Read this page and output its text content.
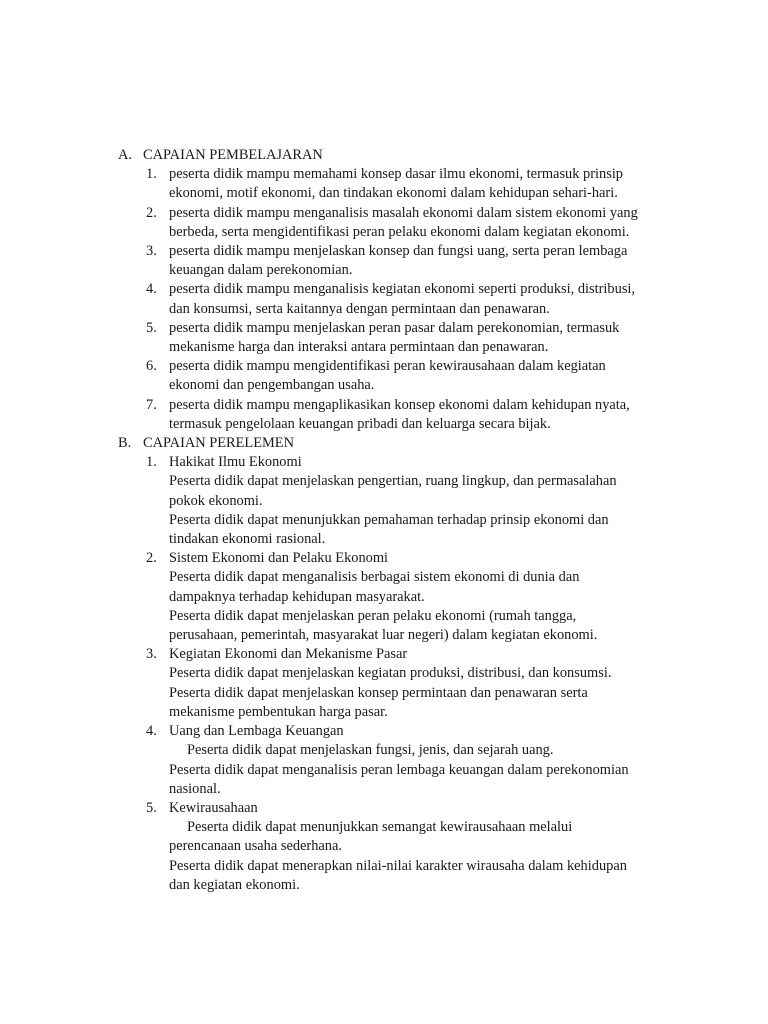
A. CAPAIAN PEMBELAJARAN
1. peserta didik mampu memahami konsep dasar ilmu ekonomi, termasuk prinsip
ekonomi, motif ekonomi, dan tindakan ekonomi dalam kehidupan sehari-hari.
2. peserta didik mampu menganalisis masalah ekonomi dalam sistem ekonomi yang
berbeda, serta mengidentifikasi peran pelaku ekonomi dalam kegiatan ekonomi.
3. peserta didik mampu menjelaskan konsep dan fungsi uang, serta peran lembaga
keuangan dalam perekonomian.
4. peserta didik mampu menganalisis kegiatan ekonomi seperti produksi, distribusi,
dan konsumsi, serta kaitannya dengan permintaan dan penawaran.
5. peserta didik mampu menjelaskan peran pasar dalam perekonomian, termasuk
mekanisme harga dan interaksi antara permintaan dan penawaran.
6. peserta didik mampu mengidentifikasi peran kewirausahaan dalam kegiatan
ekonomi dan pengembangan usaha.
7. peserta didik mampu mengaplikasikan konsep ekonomi dalam kehidupan nyata,
termasuk pengelolaan keuangan pribadi dan keluarga secara bijak.
B. CAPAIAN PERELEMEN
1. Hakikat Ilmu Ekonomi
Peserta didik dapat menjelaskan pengertian, ruang lingkup, dan permasalahan
pokok ekonomi.
Peserta didik dapat menunjukkan pemahaman terhadap prinsip ekonomi dan
tindakan ekonomi rasional.
2. Sistem Ekonomi dan Pelaku Ekonomi
Peserta didik dapat menganalisis berbagai sistem ekonomi di dunia dan
dampaknya terhadap kehidupan masyarakat.
Peserta didik dapat menjelaskan peran pelaku ekonomi (rumah tangga,
perusahaan, pemerintah, masyarakat luar negeri) dalam kegiatan ekonomi.
3. Kegiatan Ekonomi dan Mekanisme Pasar
Peserta didik dapat menjelaskan kegiatan produksi, distribusi, dan konsumsi.
Peserta didik dapat menjelaskan konsep permintaan dan penawaran serta
mekanisme pembentukan harga pasar.
4. Uang dan Lembaga Keuangan
Peserta didik dapat menjelaskan fungsi, jenis, dan sejarah uang.
Peserta didik dapat menganalisis peran lembaga keuangan dalam perekonomian
nasional.
5. Kewirausahaan
Peserta didik dapat menunjukkan semangat kewirausahaan melalui
perencanaan usaha sederhana.
Peserta didik dapat menerapkan nilai-nilai karakter wirausaha dalam kehidupan
dan kegiatan ekonomi.
